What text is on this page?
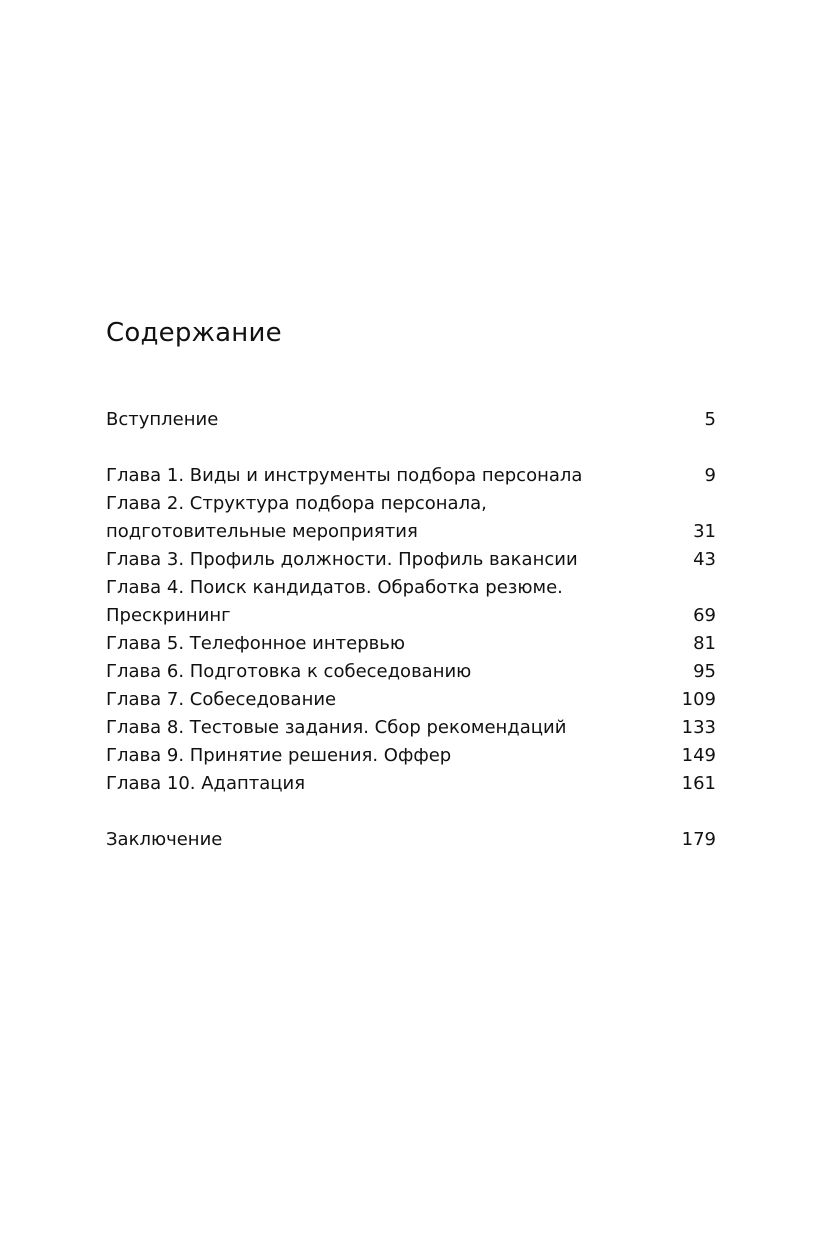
Содержание
Вступление	5
Глава 1. Виды и инструменты подбора персонала	9
Глава 2. Структура подбора персонала,
подготовительные мероприятия	31
Глава 3. Профиль должности. Профиль вакансии	43
Глава 4. Поиск кандидатов. Обработка резюме.
Прескрининг	69
Глава 5. Телефонное интервью	81
Глава 6. Подготовка к собеседованию	95
Глава 7. Собеседование	109
Глава 8. Тестовые задания. Сбор рекомендаций	133
Глава 9. Принятие решения. Оффер	149
Глава 10. Адаптация	161
Заключение	179
